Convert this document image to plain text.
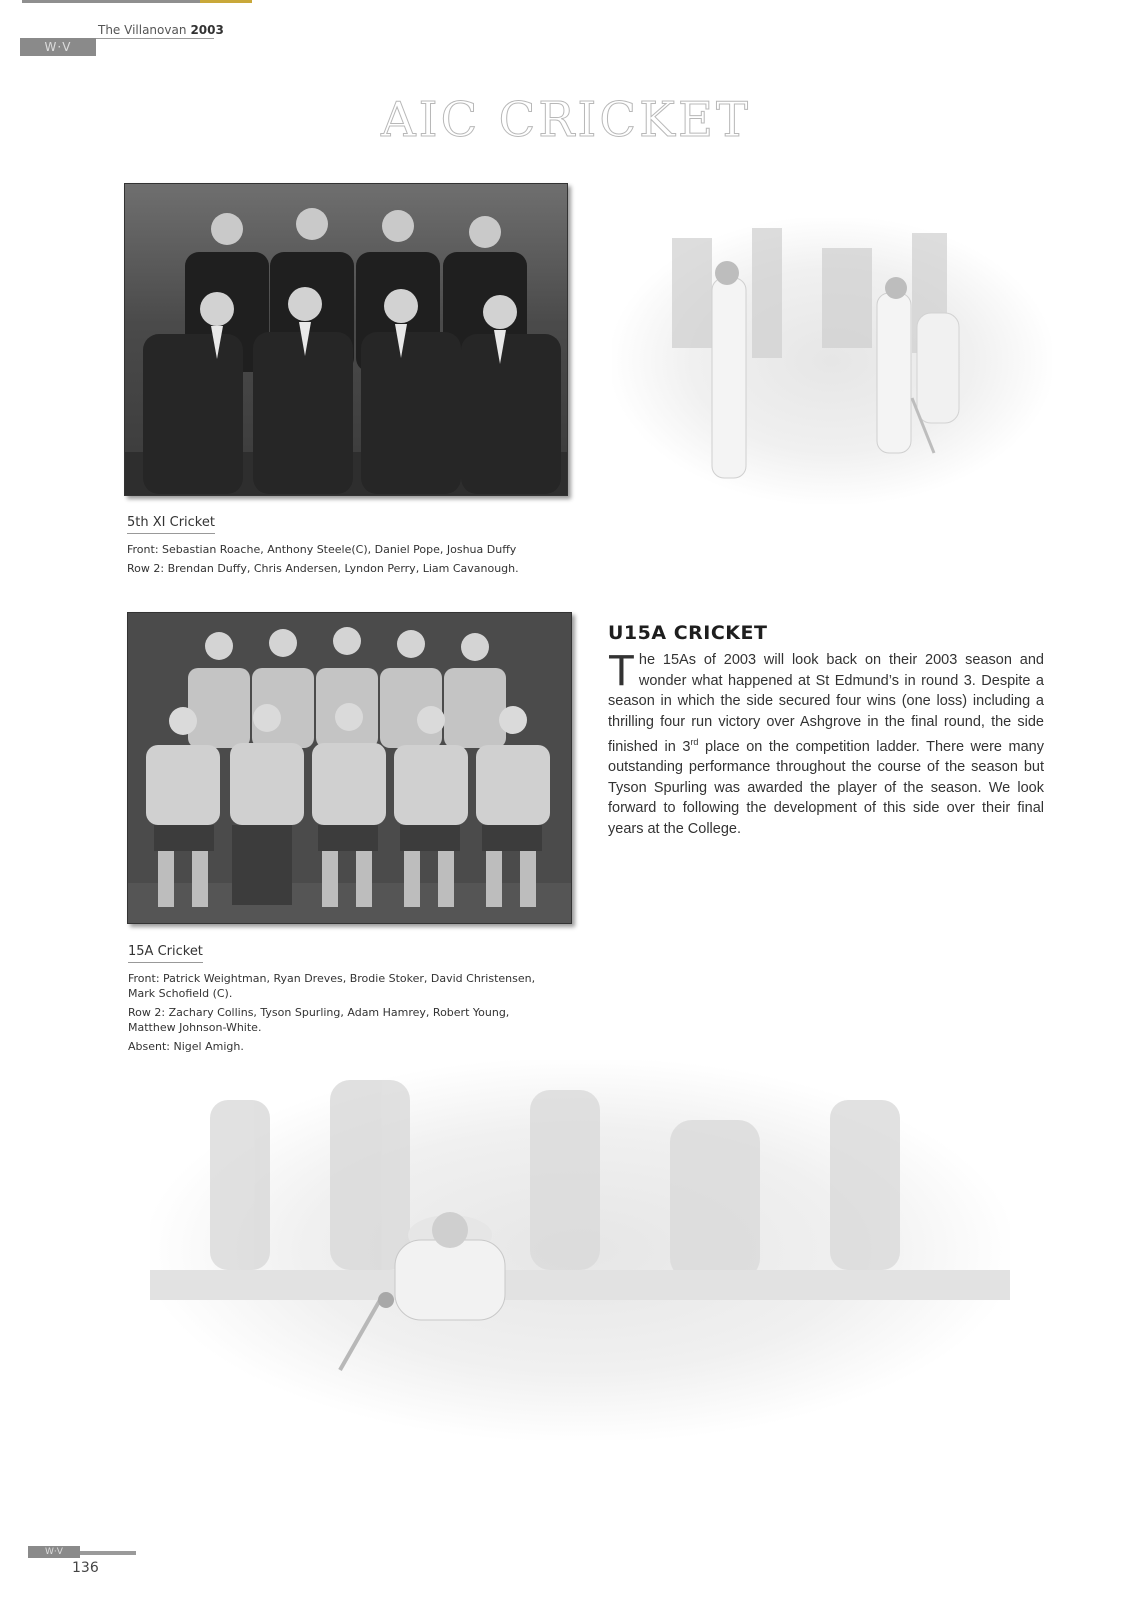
W·V
The Villanovan 2003
AIC CRICKET
5th XI Cricket
Front: Sebastian Roache, Anthony Steele(C), Daniel Pope, Joshua Duffy
Row 2: Brendan Duffy, Chris Andersen, Lyndon Perry, Liam Cavanough.
15A Cricket
Front: Patrick Weightman, Ryan Dreves, Brodie Stoker, David Christensen, Mark Schofield (C).
Row 2: Zachary Collins, Tyson Spurling, Adam Hamrey, Robert Young, Matthew Johnson-White.
Absent: Nigel Amigh.
U15A CRICKET
The 15As of 2003 will look back on their 2003 season and wonder what happened at St Edmund’s in round 3. Despite a season in which the side secured four wins (one loss) including a thrilling four run victory over Ashgrove in the final round, the side finished in 3rd place on the competition ladder. There were many outstanding performance throughout the course of the season but Tyson Spurling was awarded the player of the season. We look forward to following the development of this side over their final years at the College.
W·V
136
